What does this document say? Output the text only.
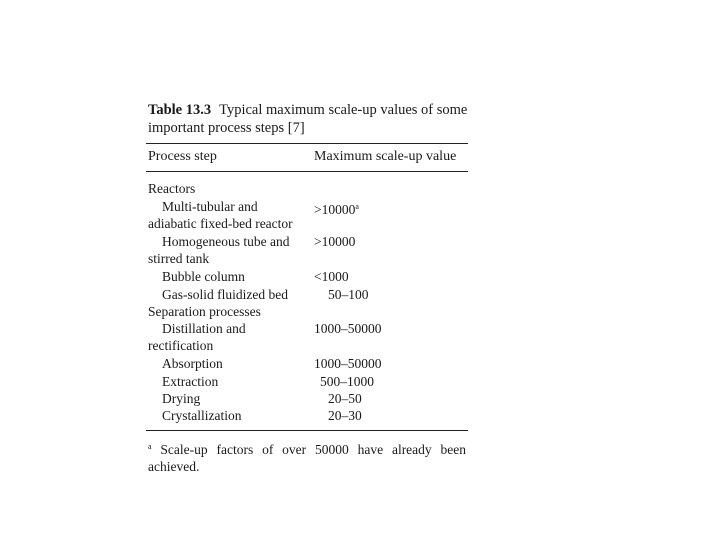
Table 13.3 Typical maximum scale-up values of some important process steps [7]
Process step	Maximum scale-up value
Reactors
Multi-tubular and	$>10000^a$
adiabatic fixed-bed reactor
Homogeneous tube and >10000
stirred tank
Bubble column	<1000
Gas-solid fluidized bed	50–100
Separation processes
Distillation and	1000–50000
rectification
Absorption	1000–50000
Extraction	500–1000
Drying	20–50
Crystallization	20–30
$^a$ Scale-up factors of over 50000 have already been achieved.
